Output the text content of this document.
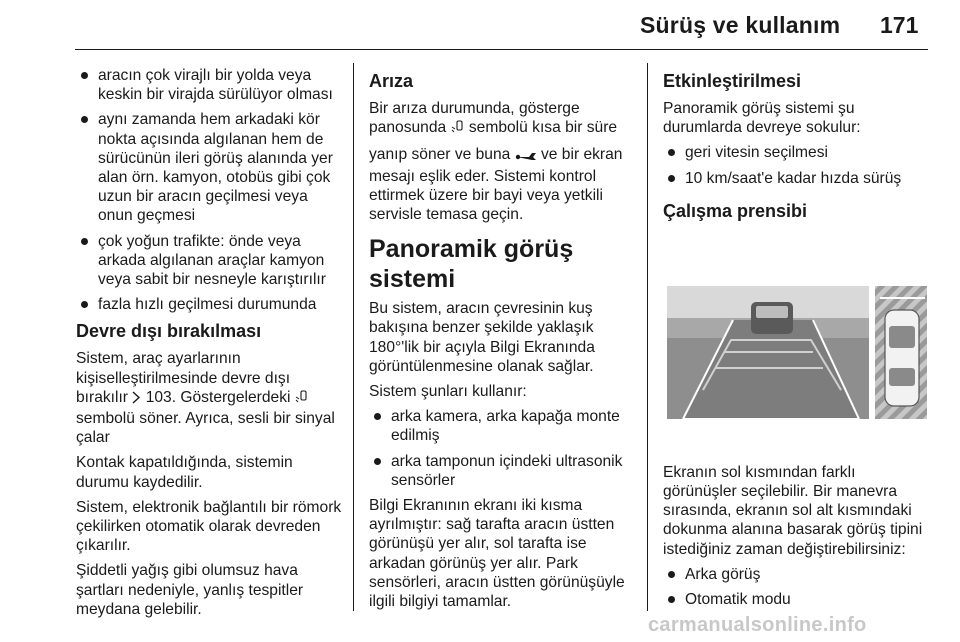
Sürüş ve kullanım 171
aracın çok virajlı bir yolda veya keskin bir virajda sürülüyor olması
aynı zamanda hem arkadaki kör nokta açısında algılanan hem de sürücünün ileri görüş alanında yer alan örn. kamyon, otobüs gibi çok uzun bir aracın geçilmesi veya onun geçmesi
çok yoğun trafikte: önde veya arkada algılanan araçlar kamyon veya sabit bir nesneyle karıştırılır
fazla hızlı geçilmesi durumunda
Devre dışı bırakılması

Sistem, araç ayarlarının kişiselleştirilmesinde devre dışı bırakılır 103. Göstergelerdeki  sembolü söner. Ayrıca, sesli bir sinyal çalar

Kontak kapatıldığında, sistemin durumu kaydedilir.

Sistem, elektronik bağlantılı bir römork çekilirken otomatik olarak devreden çıkarılır.

Şiddetli yağış gibi olumsuz hava şartları nedeniyle, yanlış tespitler meydana gelebilir.

Arıza

Bir arıza durumunda, gösterge panosunda sembolü kısa bir süre

yanıp söner ve buna ve bir ekran mesajı eşlik eder. Sistemi kontrol ettirmek üzere bir bayi veya yetkili servisle temasa geçin.

Panoramik görüş sistemi

Bu sistem, aracın çevresinin kuş bakışına benzer şekilde yaklaşık 180°'lik bir açıyla Bilgi Ekranında görüntülenmesine olanak sağlar.

Sistem şunları kullanır:

arka kamera, arka kapağa monte edilmiş
arka tamponun içindeki ultrasonik sensörler

Bilgi Ekranının ekranı iki kısma ayrılmıştır: sağ tarafta aracın üstten görünüşü yer alır, sol tarafta ise arkadan görünüş yer alır. Park sensörleri, aracın üstten görünüşüyle ilgili bilgiyi tamamlar.

Etkinleştirilmesi

Panoramik görüş sistemi şu durumlarda devreye sokulur:

geri vitesin seçilmesi
10 km/saat'e kadar hızda sürüş
Çalışma prensibi

Ekranın sol kısmından farklı görünüşler seçilebilir. Bir manevra sırasında, ekranın sol alt kısmındaki dokunma alanına basarak görüş tipini istediğiniz zaman değiştirebilirsiniz:

Arka görüş
Otomatik modu
carmanualsonline.info
